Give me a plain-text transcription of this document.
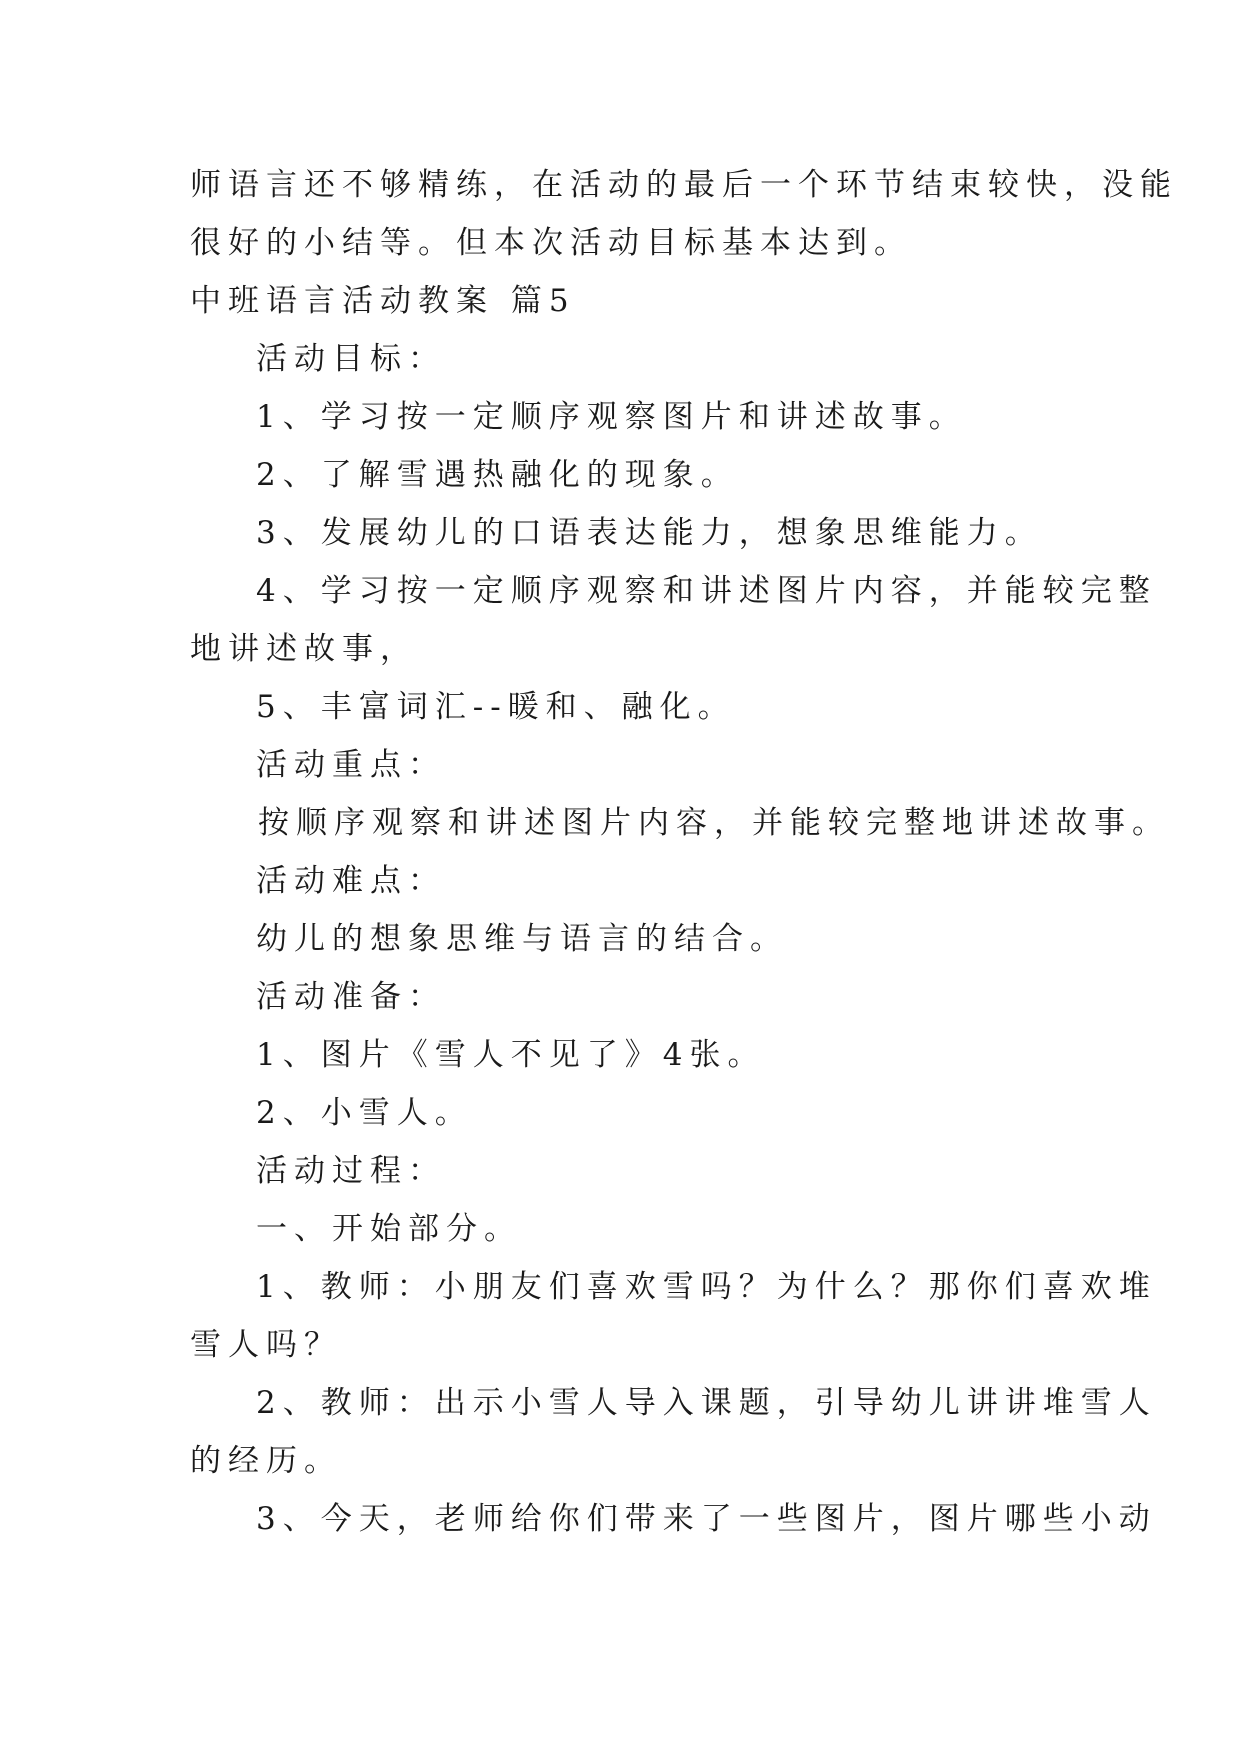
师语言还不够精练，在活动的最后一个环节结束较快，没能
很好的小结等。但本次活动目标基本达到。
中班语言活动教案 篇5
活动目标：
1、学习按一定顺序观察图片和讲述故事。
2、了解雪遇热融化的现象。
3、发展幼儿的口语表达能力，想象思维能力。
4、学习按一定顺序观察和讲述图片内容，并能较完整
地讲述故事，
5、丰富词汇--暖和、融化。
活动重点：
按顺序观察和讲述图片内容，并能较完整地讲述故事。
活动难点：
幼儿的想象思维与语言的结合。
活动准备：
1、图片《雪人不见了》4张。
2、小雪人。
活动过程：
一、开始部分。
1、教师：小朋友们喜欢雪吗？为什么？那你们喜欢堆
雪人吗？
2、教师：出示小雪人导入课题，引导幼儿讲讲堆雪人
的经历。
3、今天，老师给你们带来了一些图片，图片哪些小动
